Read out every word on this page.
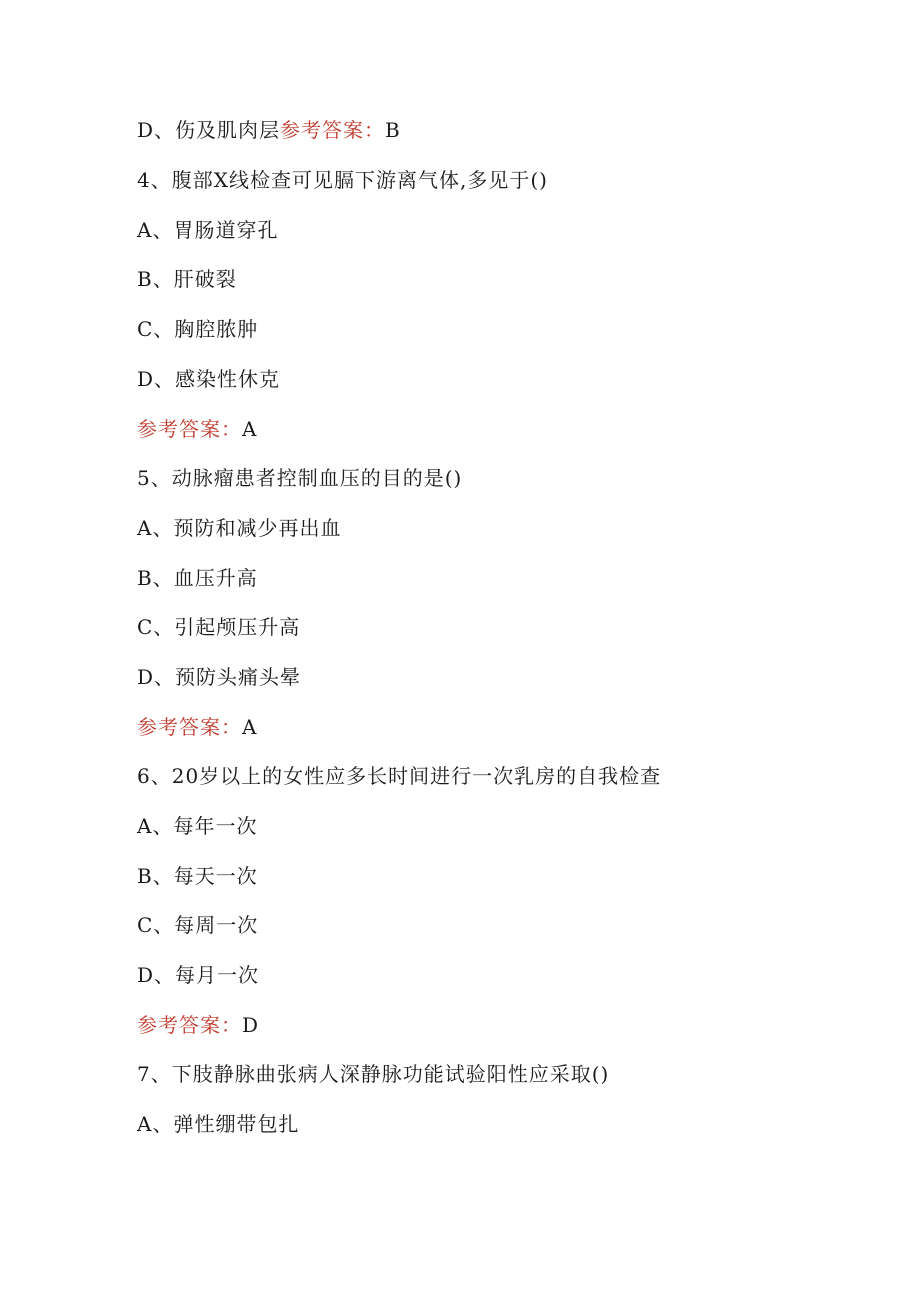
D、伤及肌肉层参考答案：B
4、腹部X线检查可见膈下游离气体,多见于()
A、胃肠道穿孔
B、肝破裂
C、胸腔脓肿
D、感染性休克
参考答案：A
5、动脉瘤患者控制血压的目的是()
A、预防和减少再出血
B、血压升高
C、引起颅压升高
D、预防头痛头晕
参考答案：A
6、20岁以上的女性应多长时间进行一次乳房的自我检查
A、每年一次
B、每天一次
C、每周一次
D、每月一次
参考答案：D
7、下肢静脉曲张病人深静脉功能试验阳性应采取()
A、弹性绷带包扎
